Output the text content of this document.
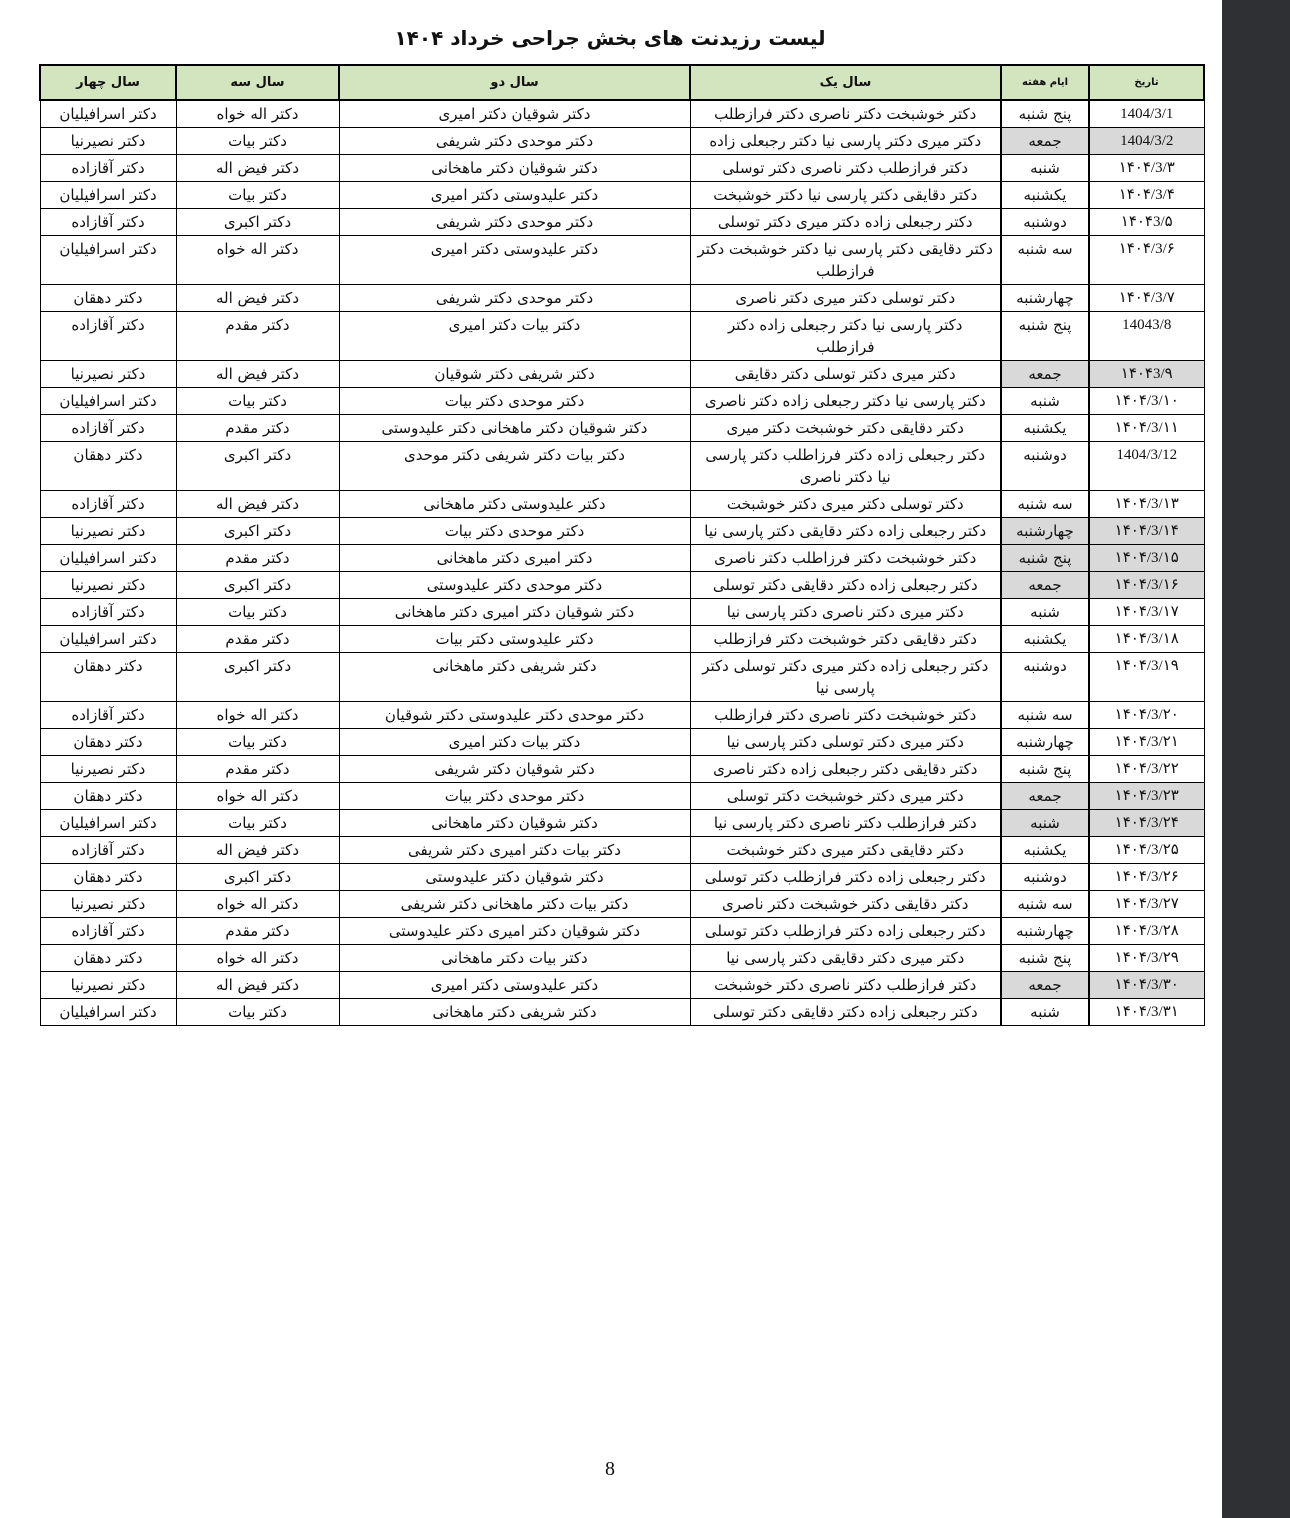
لیست رزیدنت های بخش جراحی خرداد ۱۴۰۴
تاریخ	ایام هفته	سال یک	سال دو	سال سه	سال چهار
1404/3/1	پنج شنبه	دکتر خوشبخت دکتر ناصری دکتر فرازطلب	دکتر شوقیان دکتر امیری	دکتر اله خواه	دکتر اسرافیلیان
1404/3/2	جمعه	دکتر میری دکتر پارسی نیا دکتر رجبعلی زاده	دکتر موحدی دکتر شریفی	دکتر بیات	دکتر نصیرنیا
۱۴۰۴/3/۳	شنبه	دکتر فرازطلب دکتر ناصری دکتر توسلی	دکتر شوقیان دکتر ماهخانی	دکتر فیض اله	دکتر آقازاده
۱۴۰۴/3/۴	یکشنبه	دکتر دقایقی دکتر پارسی نیا دکتر خوشبخت	دکتر علیدوستی دکتر امیری	دکتر بیات	دکتر اسرافیلیان
۱۴۰۴3/۵	دوشنبه	دکتر رجبعلی زاده دکتر میری دکتر توسلی	دکتر موحدی دکتر شریفی	دکتر اکبری	دکتر آقازاده
۱۴۰۴/3/۶	سه شنبه	دکتر دقایقی دکتر پارسی نیا دکتر خوشبخت دکتر فرازطلب	دکتر علیدوستی دکتر امیری	دکتر اله خواه	دکتر اسرافیلیان
۱۴۰۴/3/۷	چهارشنبه	دکتر توسلی دکتر میری دکتر ناصری	دکتر موحدی دکتر شریفی	دکتر فیض اله	دکتر دهقان
14043/8	پنج شنبه	دکتر پارسی نیا دکتر رجبعلی زاده دکتر فرازطلب	دکتر بیات دکتر امیری	دکتر مقدم	دکتر آقازاده
۱۴۰۴3/۹	جمعه	دکتر میری دکتر توسلی دکتر دقایقی	دکتر شریفی دکتر شوقیان	دکتر فیض اله	دکتر نصیرنیا
۱۴۰۴/3/۱۰	شنبه	دکتر پارسی نیا دکتر رجبعلی زاده دکتر ناصری	دکتر موحدی دکتر بیات	دکتر بیات	دکتر اسرافیلیان
۱۴۰۴/3/۱۱	یکشنبه	دکتر دقایقی دکتر خوشبخت دکتر میری	دکتر شوقیان دکتر ماهخانی دکتر علیدوستی	دکتر مقدم	دکتر آقازاده
1404/3/12	دوشنبه	دکتر رجبعلی زاده دکتر فرزاطلب دکتر پارسی نیا دکتر ناصری	دکتر بیات دکتر شریفی دکتر موحدی	دکتر اکبری	دکتر دهقان
۱۴۰۴/3/۱۳	سه شنبه	دکتر توسلی دکتر میری دکتر خوشبخت	دکتر علیدوستی دکتر ماهخانی	دکتر فیض اله	دکتر آقازاده
۱۴۰۴/3/۱۴	چهارشنبه	دکتر رجبعلی زاده دکتر دقایقی دکتر پارسی نیا	دکتر موحدی دکتر بیات	دکتر اکبری	دکتر نصیرنیا
۱۴۰۴/3/۱۵	پنج شنبه	دکتر خوشبخت دکتر فرزاطلب دکتر ناصری	دکتر امیری دکتر ماهخانی	دکتر مقدم	دکتر اسرافیلیان
۱۴۰۴/3/۱۶	جمعه	دکتر رجبعلی زاده دکتر دقایقی دکتر توسلی	دکتر موحدی دکتر علیدوستی	دکتر اکبری	دکتر نصیرنیا
۱۴۰۴/3/۱۷	شنبه	دکتر میری دکتر ناصری دکتر پارسی نیا	دکتر شوقیان دکتر امیری دکتر ماهخانی	دکتر بیات	دکتر آقازاده
۱۴۰۴/3/۱۸	یکشنبه	دکتر دقایقی دکتر خوشبخت دکتر فرازطلب	دکتر علیدوستی دکتر بیات	دکتر مقدم	دکتر اسرافیلیان
۱۴۰۴/3/۱۹	دوشنبه	دکتر رجبعلی زاده دکتر میری دکتر توسلی دکتر پارسی نیا	دکتر شریفی دکتر ماهخانی	دکتر اکبری	دکتر دهقان
۱۴۰۴/3/۲۰	سه شنبه	دکتر خوشبخت دکتر ناصری دکتر فرازطلب	دکتر موحدی دکتر علیدوستی دکتر شوقیان	دکتر اله خواه	دکتر آقازاده
۱۴۰۴/3/۲۱	چهارشنبه	دکتر میری دکتر توسلی دکتر پارسی نیا	دکتر بیات دکتر امیری	دکتر بیات	دکتر دهقان
۱۴۰۴/3/۲۲	پنج شنبه	دکتر دقایقی دکتر رجبعلی زاده دکتر ناصری	دکتر شوقیان دکتر شریفی	دکتر مقدم	دکتر نصیرنیا
۱۴۰۴/3/۲۳	جمعه	دکتر میری دکتر خوشبخت دکتر توسلی	دکتر موحدی دکتر بیات	دکتر اله خواه	دکتر دهقان
۱۴۰۴/3/۲۴	شنبه	دکتر فرازطلب دکتر ناصری دکتر پارسی نیا	دکتر شوقیان دکتر ماهخانی	دکتر بیات	دکتر اسرافیلیان
۱۴۰۴/3/۲۵	یکشنبه	دکتر دقایقی دکتر میری دکتر خوشبخت	دکتر بیات دکتر امیری دکتر شریفی	دکتر فیض اله	دکتر آقازاده
۱۴۰۴/3/۲۶	دوشنبه	دکتر رجبعلی زاده دکتر فرازطلب دکتر توسلی	دکتر شوقیان دکتر علیدوستی	دکتر اکبری	دکتر دهقان
۱۴۰۴/3/۲۷	سه شنبه	دکتر دقایقی دکتر خوشبخت دکتر ناصری	دکتر بیات دکتر ماهخانی دکتر شریفی	دکتر اله خواه	دکتر نصیرنیا
۱۴۰۴/3/۲۸	چهارشنبه	دکتر رجبعلی زاده دکتر فرازطلب دکتر توسلی	دکتر شوقیان دکتر امیری دکتر علیدوستی	دکتر مقدم	دکتر آقازاده
۱۴۰۴/3/۲۹	پنج شنبه	دکتر میری دکتر دقایقی دکتر پارسی نیا	دکتر بیات دکتر ماهخانی	دکتر اله خواه	دکتر دهقان
۱۴۰۴/3/۳۰	جمعه	دکتر فرازطلب دکتر ناصری دکتر خوشبخت	دکتر علیدوستی دکتر امیری	دکتر فیض اله	دکتر نصیرنیا
۱۴۰۴/3/۳۱	شنبه	دکتر رجبعلی زاده دکتر دقایقی دکتر توسلی	دکتر شریفی دکتر ماهخانی	دکتر بیات	دکتر اسرافیلیان
8
